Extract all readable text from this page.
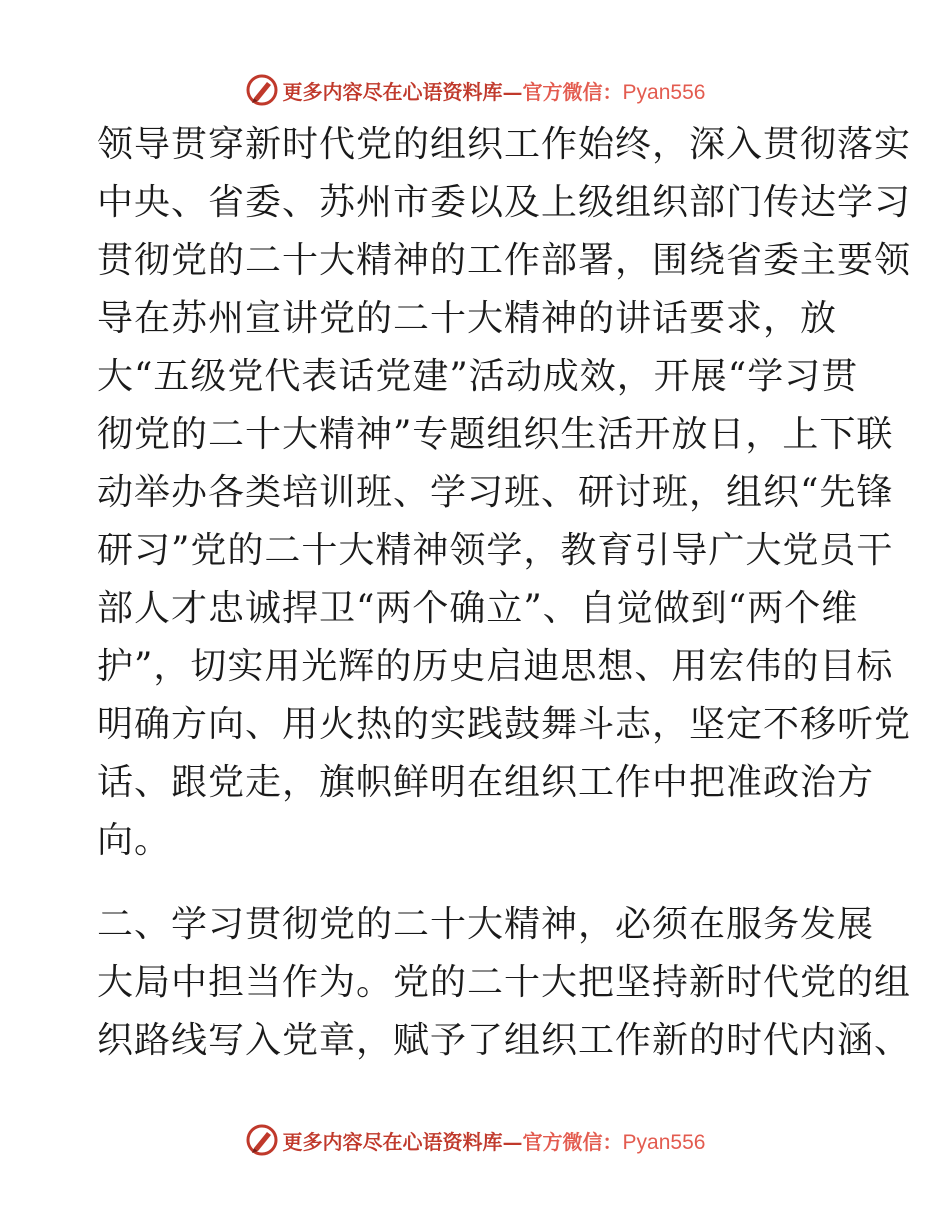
更多内容尽在心语资料库—官方微信：Pyan556
领导贯穿新时代党的组织工作始终，深入贯彻落实
中央、省委、苏州市委以及上级组织部门传达学习
贯彻党的二十大精神的工作部署，围绕省委主要领
导在苏州宣讲党的二十大精神的讲话要求，放
大“五级党代表话党建”活动成效，开展“学习贯
彻党的二十大精神”专题组织生活开放日，上下联
动举办各类培训班、学习班、研讨班，组织“先锋
研习”党的二十大精神领学，教育引导广大党员干
部人才忠诚捍卫“两个确立”、自觉做到“两个维
护”，切实用光辉的历史启迪思想、用宏伟的目标
明确方向、用火热的实践鼓舞斗志，坚定不移听党
话、跟党走，旗帜鲜明在组织工作中把准政治方
向。
二、学习贯彻党的二十大精神，必须在服务发展
大局中担当作为。党的二十大把坚持新时代党的组
织路线写入党章，赋予了组织工作新的时代内涵、
更多内容尽在心语资料库—官方微信：Pyan556
